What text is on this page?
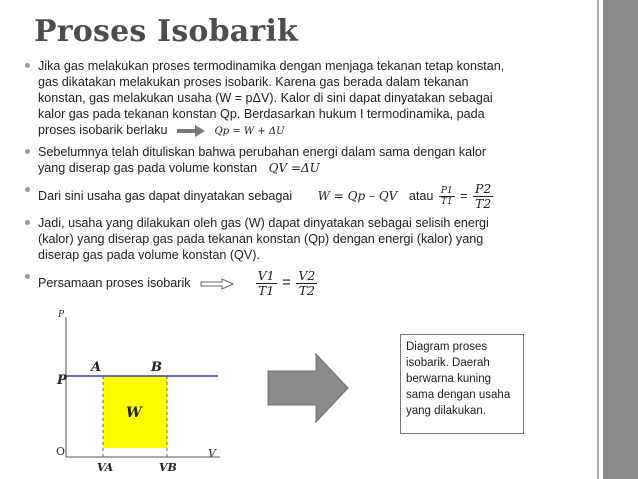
Proses Isobarik
Jika gas melakukan proses termodinamika dengan menjaga tekanan tetap konstan,
gas dikatakan melakukan proses isobarik. Karena gas berada dalam tekanan
konstan, gas melakukan usaha (W = pΔV). Kalor di sini dapat dinyatakan sebagai
kalor gas pada tekanan konstan Qp. Berdasarkan hukum I termodinamika, pada
proses isobarik berlaku	Qp = W + ΔU
Sebelumnya telah dituliskan bahwa perubahan energi dalam sama dengan kalor
yang diserap gas pada volume konstan QV =ΔU
Dari sini usaha gas dapat dinyatakan sebagai W = Qp – QV atau $\frac{P1}{T1} = \frac{P2}{T2}$
Jadi, usaha yang dilakukan oleh gas (W) dapat dinyatakan sebagai selisih energi
(kalor) yang diserap gas pada tekanan konstan (Qp) dengan energi (kalor) yang
diserap gas pada volume konstan (QV).
Persamaan proses isobarik	$\frac{V1}{T1} = \frac{V2}{T2}$
P
V
O
P
A	B
W
VA	VB
Diagram proses isobarik. Daerah berwarna kuning sama dengan usaha yang dilakukan.
